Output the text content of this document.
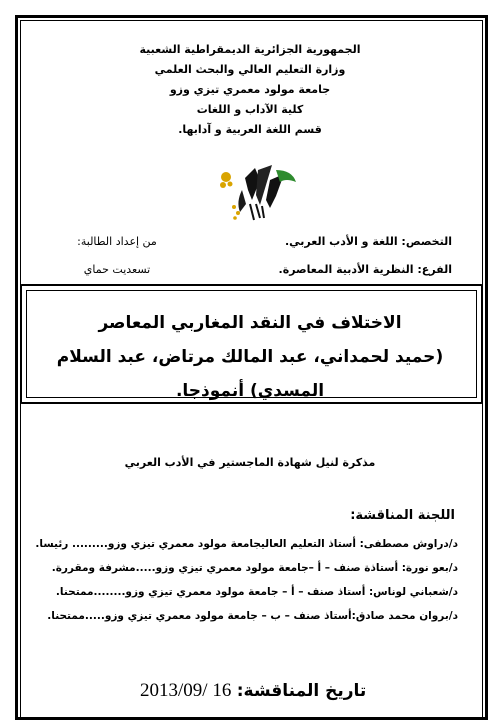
الجمهورية الجزائرية الديمقراطية الشعبية
وزارة التعليم العالي والبحث العلمي
جامعة مولود معمري تيزي وزو
كلية الآداب و اللغات
قسم اللغة العربية و آدابها.
التخصص: اللغة و الأدب العربي.
الفرع: النظرية الأدبية المعاصرة.
من إعداد الطالبة:
تسعديت حماي
الاختلاف في النقد المغاربي المعاصر
(حميد لحمداني، عبد المالك مرتاض، عبد السلام
المسدي) أنموذجا.
مذكرة لنيل شهادة الماجستير في الأدب العربي
اللجنة المناقشة:
د/دراوش مصطفى: أستاذ التعليم العاليجامعة مولود معمري تيزي وزو......... رئيسا.
د/بعو نورة: أستاذة صنف – أ –جامعة مولود معمري تيزي وزو.....مشرفة ومقررة.
د/شعباني لوناس: أستاذ صنف – أ – جامعة مولود معمري تيزي وزو........ممتحنا.
د/بروان محمد صادق:أستاذ صنف – ب – جامعة مولود معمري تيزي وزو.....ممتحنا.
تاريخ المناقشة: 16 /2013/09
